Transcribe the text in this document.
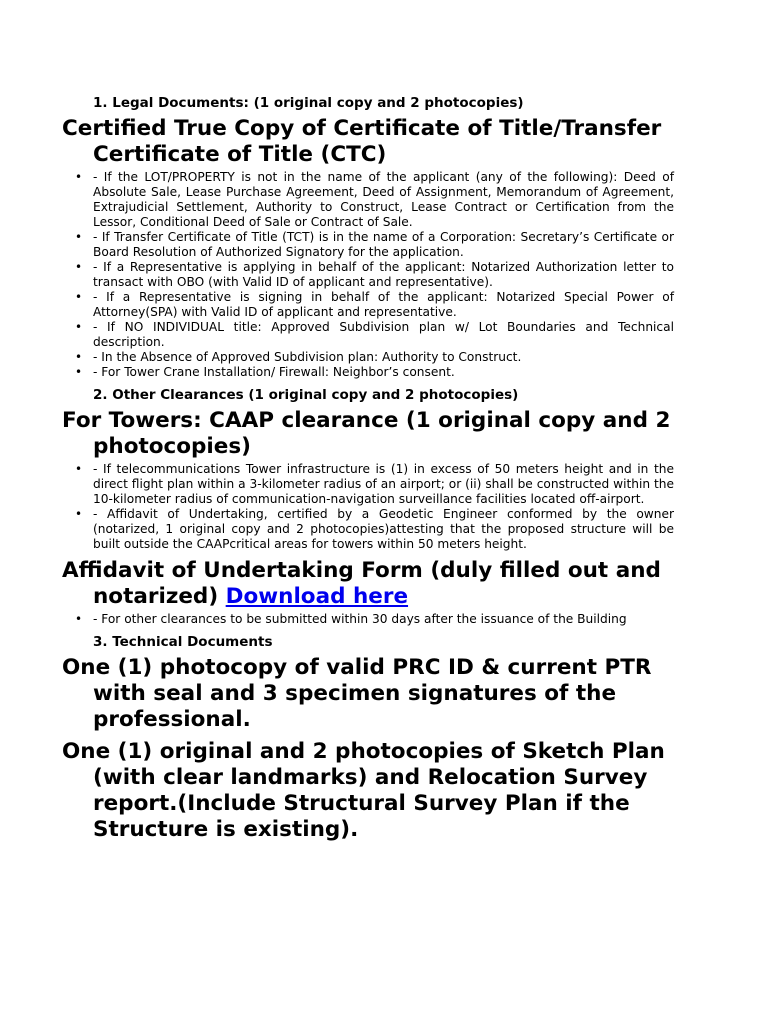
1. Legal Documents: (1 original copy and 2 photocopies)
Certified True Copy of Certificate of Title/Transfer Certificate of Title (CTC)
• - If the LOT/PROPERTY is not in the name of the applicant (any of the following): Deed of Absolute Sale, Lease Purchase Agreement, Deed of Assignment, Memorandum of Agreement, Extrajudicial Settlement, Authority to Construct, Lease Contract or Certification from the Lessor, Conditional Deed of Sale or Contract of Sale.
• - If Transfer Certificate of Title (TCT) is in the name of a Corporation: Secretary’s Certificate or Board Resolution of Authorized Signatory for the application.
• - If a Representative is applying in behalf of the applicant: Notarized Authorization letter to transact with OBO (with Valid ID of applicant and representative).
• - If a Representative is signing in behalf of the applicant: Notarized Special Power of Attorney(SPA) with Valid ID of applicant and representative.
• - If NO INDIVIDUAL title: Approved Subdivision plan w/ Lot Boundaries and Technical description.
• - In the Absence of Approved Subdivision plan: Authority to Construct.
• - For Tower Crane Installation/ Firewall: Neighbor’s consent.
2. Other Clearances (1 original copy and 2 photocopies)
For Towers: CAAP clearance (1 original copy and 2 photocopies)
• - If telecommunications Tower infrastructure is (1) in excess of 50 meters height and in the direct flight plan within a 3-kilometer radius of an airport; or (ii) shall be constructed within the 10-kilometer radius of communication-navigation surveillance facilities located off-airport.
• - Affidavit of Undertaking, certified by a Geodetic Engineer conformed by the owner (notarized, 1 original copy and 2 photocopies)attesting that the proposed structure will be built outside the CAAPcritical areas for towers within 50 meters height.
Affidavit of Undertaking Form (duly filled out and notarized) Download here
• - For other clearances to be submitted within 30 days after the issuance of the Building
3. Technical Documents
One (1) photocopy of valid PRC ID & current PTR with seal and 3 specimen signatures of the professional.
One (1) original and 2 photocopies of Sketch Plan (with clear landmarks) and Relocation Survey report.(Include Structural Survey Plan if the Structure is existing).
